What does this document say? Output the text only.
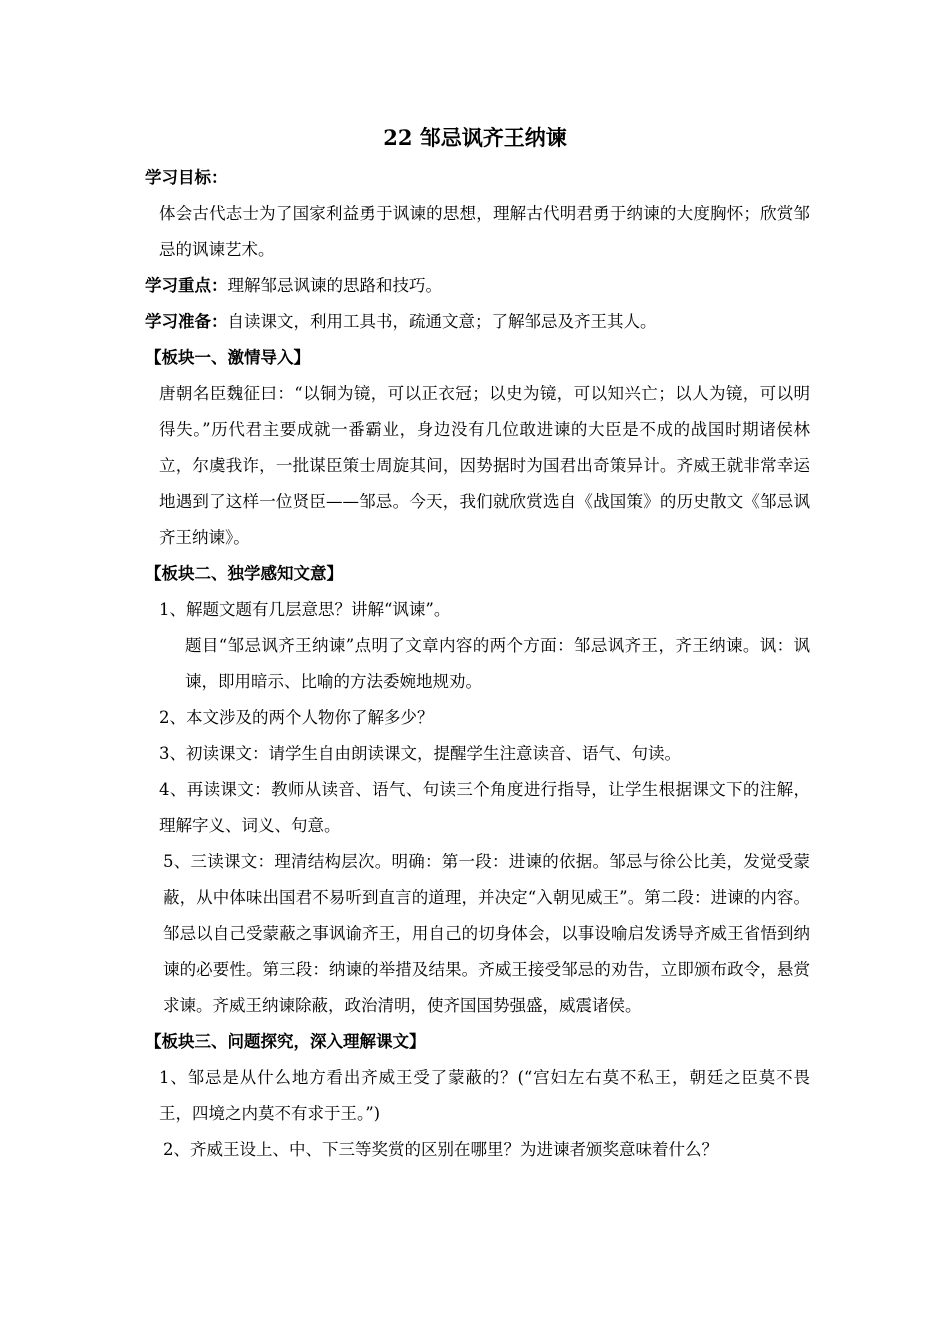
22 邹忌讽齐王纳谏
学习目标：
体会古代志士为了国家利益勇于讽谏的思想，理解古代明君勇于纳谏的大度胸怀；欣赏邹忌的讽谏艺术。
学习重点：理解邹忌讽谏的思路和技巧。
学习准备：自读课文，利用工具书，疏通文意；了解邹忌及齐王其人。
【板块一、激情导入】
唐朝名臣魏征曰：“以铜为镜，可以正衣冠；以史为镜，可以知兴亡；以人为镜，可以明得失。”历代君主要成就一番霸业，身边没有几位敢进谏的大臣是不成的战国时期诸侯林立，尔虞我诈，一批谋臣策士周旋其间，因势据时为国君出奇策异计。齐威王就非常幸运地遇到了这样一位贤臣——邹忌。今天，我们就欣赏选自《战国策》的历史散文《邹忌讽齐王纳谏》。
【板块二、独学感知文意】
1、解题文题有几层意思？讲解“讽谏”。
题目“邹忌讽齐王纳谏”点明了文章内容的两个方面：邹忌讽齐王，齐王纳谏。讽：讽谏，即用暗示、比喻的方法委婉地规劝。
2、本文涉及的两个人物你了解多少？
3、初读课文：请学生自由朗读课文，提醒学生注意读音、语气、句读。
4、再读课文：教师从读音、语气、句读三个角度进行指导，让学生根据课文下的注解，理解字义、词义、句意。
5、三读课文：理清结构层次。明确：第一段：进谏的依据。邹忌与徐公比美，发觉受蒙蔽，从中体味出国君不易听到直言的道理，并决定“入朝见威王”。第二段：进谏的内容。邹忌以自己受蒙蔽之事讽谕齐王，用自己的切身体会，以事设喻启发诱导齐威王省悟到纳谏的必要性。第三段：纳谏的举措及结果。齐威王接受邹忌的劝告，立即颁布政令，悬赏求谏。齐威王纳谏除蔽，政治清明，使齐国国势强盛，威震诸侯。
【板块三、问题探究，深入理解课文】
1、邹忌是从什么地方看出齐威王受了蒙蔽的？(“宫妇左右莫不私王，朝廷之臣莫不畏王，四境之内莫不有求于王。”)
2、齐威王设上、中、下三等奖赏的区别在哪里？为进谏者颁奖意味着什么？
